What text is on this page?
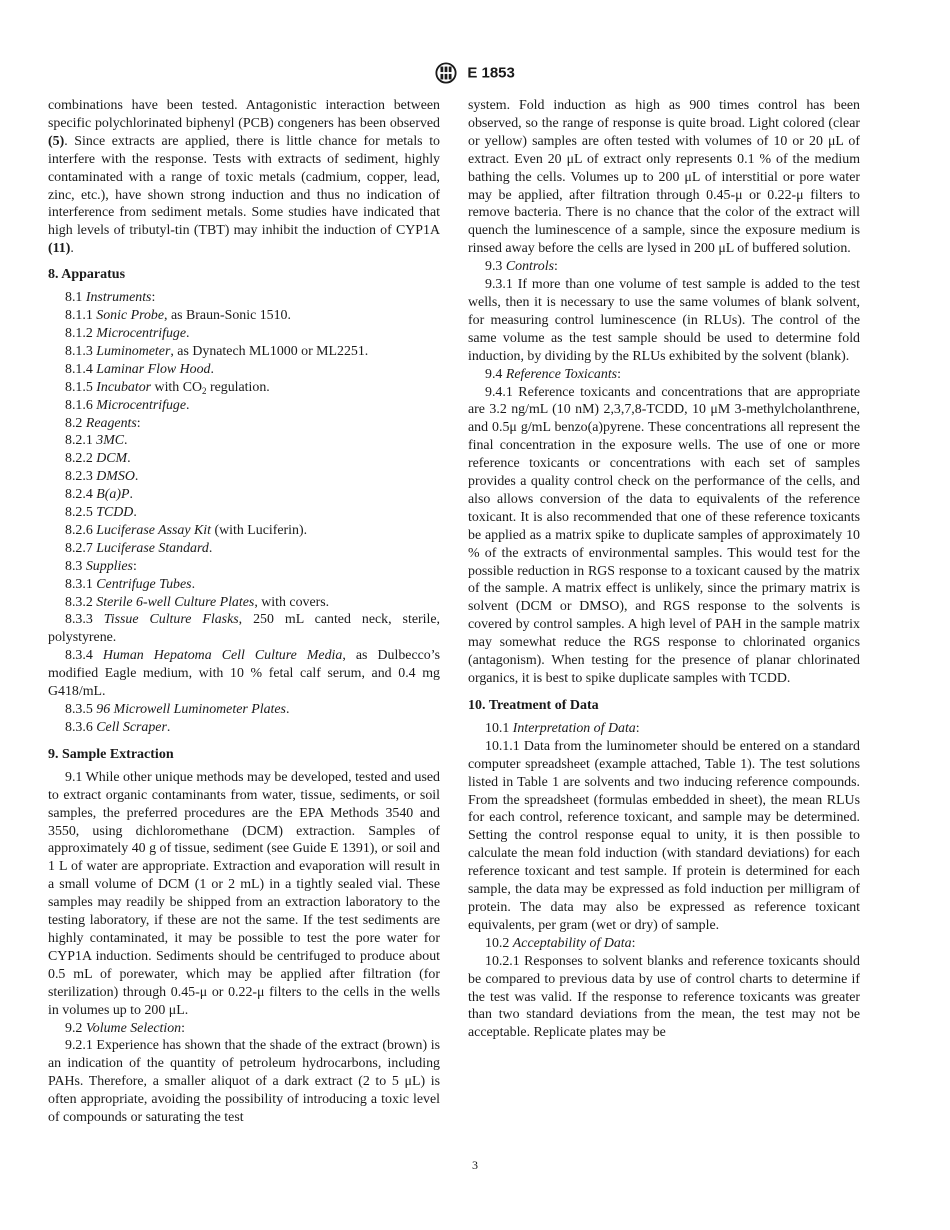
E 1853

combinations have been tested. Antagonistic interaction between specific polychlorinated biphenyl (PCB) congeners has been observed (5). Since extracts are applied, there is little chance for metals to interfere with the response. Tests with extracts of sediment, highly contaminated with a range of toxic metals (cadmium, copper, lead, zinc, etc.), have shown strong induction and thus no indication of interference from sediment metals. Some studies have indicated that high levels of tributyl-tin (TBT) may inhibit the induction of CYP1A (11).

8. Apparatus

8.1 Instruments:

8.1.1 Sonic Probe, as Braun-Sonic 1510.

8.1.2 Microcentrifuge.

8.1.3 Luminometer, as Dynatech ML1000 or ML2251.

8.1.4 Laminar Flow Hood.

8.1.5 Incubator with $CO_2$ regulation.

8.1.6 Microcentrifuge.

8.2 Reagents:

8.2.1 3MC.

8.2.2 DCM.

8.2.3 DMSO.

8.2.4 B(a)P.

8.2.5 TCDD.

8.2.6 Luciferase Assay Kit (with Luciferin).

8.2.7 Luciferase Standard.

8.3 Supplies:

8.3.1 Centrifuge Tubes.

8.3.2 Sterile 6-well Culture Plates, with covers.

8.3.3 Tissue Culture Flasks, 250 mL canted neck, sterile, polystyrene.

8.3.4 Human Hepatoma Cell Culture Media, as Dulbecco’s modified Eagle medium, with 10 % fetal calf serum, and 0.4 mg G418/mL.

8.3.5 96 Microwell Luminometer Plates.

8.3.6 Cell Scraper.

9. Sample Extraction

9.1 While other unique methods may be developed, tested and used to extract organic contaminants from water, tissue, sediments, or soil samples, the preferred procedures are the EPA Methods 3540 and 3550, using dichloromethane (DCM) extraction. Samples of approximately 40 g of tissue, sediment (see Guide E 1391), or soil and 1 L of water are appropriate. Extraction and evaporation will result in a small volume of DCM (1 or 2 mL) in a tightly sealed vial. These samples may readily be shipped from an extraction laboratory to the testing laboratory, if these are not the same. If the test sediments are highly contaminated, it may be possible to test the pore water for CYP1A induction. Sediments should be centrifuged to produce about 0.5 mL of porewater, which may be applied after filtration (for sterilization) through 0.45-μ or 0.22-μ filters to the cells in the wells in volumes up to 200 μL.

9.2 Volume Selection:

9.2.1 Experience has shown that the shade of the extract (brown) is an indication of the quantity of petroleum hydrocarbons, including PAHs. Therefore, a smaller aliquot of a dark extract (2 to 5 μL) is often appropriate, avoiding the possibility of introducing a toxic level of compounds or saturating the test

system. Fold induction as high as 900 times control has been observed, so the range of response is quite broad. Light colored (clear or yellow) samples are often tested with volumes of 10 or 20 μL of extract. Even 20 μL of extract only represents 0.1 % of the medium bathing the cells. Volumes up to 200 μL of interstitial or pore water may be applied, after filtration through 0.45-μ or 0.22-μ filters to remove bacteria. There is no chance that the color of the extract will quench the luminescence of a sample, since the exposure medium is rinsed away before the cells are lysed in 200 μL of buffered solution.

9.3 Controls:

9.3.1 If more than one volume of test sample is added to the test wells, then it is necessary to use the same volumes of blank solvent, for measuring control luminescence (in RLUs). The control of the same volume as the test sample should be used to determine fold induction, by dividing by the RLUs exhibited by the solvent (blank).

9.4 Reference Toxicants:

9.4.1 Reference toxicants and concentrations that are appropriate are 3.2 ng/mL (10 nM) 2,3,7,8-TCDD, 10 μM 3-methylcholanthrene, and 0.5μ g/mL benzo(a)pyrene. These concentrations all represent the final concentration in the exposure wells. The use of one or more reference toxicants or concentrations with each set of samples provides a quality control check on the performance of the cells, and also allows conversion of the data to equivalents of the reference toxicant. It is also recommended that one of these reference toxicants be applied as a matrix spike to duplicate samples of approximately 10 % of the extracts of environmental samples. This would test for the possible reduction in RGS response to a toxicant caused by the matrix of the sample. A matrix effect is unlikely, since the primary matrix is solvent (DCM or DMSO), and RGS response to the solvents is covered by control samples. A high level of PAH in the sample matrix may somewhat reduce the RGS response to chlorinated organics (antagonism). When testing for the presence of planar chlorinated organics, it is best to spike duplicate samples with TCDD.

10. Treatment of Data

10.1 Interpretation of Data:

10.1.1 Data from the luminometer should be entered on a standard computer spreadsheet (example attached, Table 1). The test solutions listed in Table 1 are solvents and two inducing reference compounds. From the spreadsheet (formulas embedded in sheet), the mean RLUs for each control, reference toxicant, and sample may be determined. Setting the control response equal to unity, it is then possible to calculate the mean fold induction (with standard deviations) for each reference toxicant and test sample. If protein is determined for each sample, the data may be expressed as fold induction per milligram of protein. The data may also be expressed as reference toxicant equivalents, per gram (wet or dry) of sample.

10.2 Acceptability of Data:

10.2.1 Responses to solvent blanks and reference toxicants should be compared to previous data by use of control charts to determine if the test was valid. If the response to reference toxicants was greater than two standard deviations from the mean, the test may not be acceptable. Replicate plates may be

3
